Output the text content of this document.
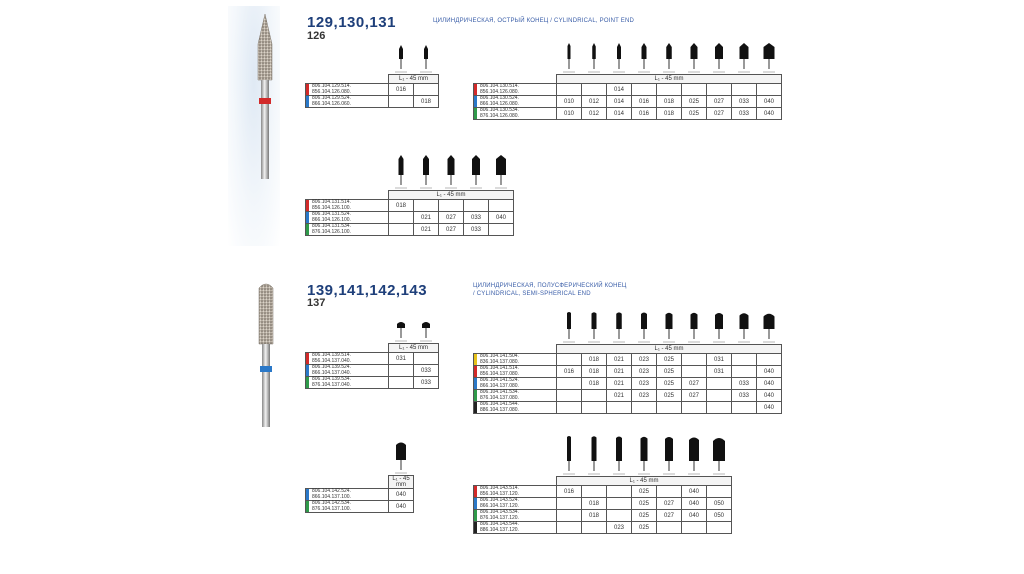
129,130,131
126
ЦИЛИНДРИЧЕСКАЯ, ОСТРЫЙ КОНЕЦ / CYLINDRICAL, POINT END
139,141,142,143
137
ЦИЛИНДРИЧЕСКАЯ, ПОЛУСФЕРИЧЕСКИЙ КОНЕЦ
/ CYLINDRICAL, SEMI-SPHERICAL END
	L₁ - 45 mm	
806.104.129.514.
856.104.126.080.	016	
806.104.129.524.
866.104.126.060.		018
	L₁ - 45 mm								
806.104.130.514.
856.104.126.080.			014						
806.104.130.524.
866.104.126.080.	010	012	014	016	018	025	027	033	040
806.104.130.534.
876.104.126.080.	010	012	014	016	018	025	027	033	040
	L₁ - 45 mm				
806.104.131.514.
856.104.126.100.	018				
806.104.131.524.
866.104.126.100.		021	027	033	040
806.104.131.534.
876.104.126.100.		021	027	033	
	L₁ - 45 mm	
806.104.139.514.
856.104.137.040.	031	
806.104.139.524.
866.104.137.040.		033
806.104.139.534.
876.104.137.040.		033
	L₁ - 45 mm								
806.104.141.504.
836.104.137.080.		018	021	023	025		031		
806.104.141.514.
856.104.137.080.	016	018	021	023	025		031		040
806.104.141.524.
866.104.137.080.		018	021	023	025	027		033	040
806.104.141.534.
876.104.137.080.			021	023	025	027		033	040
806.104.141.544.
886.104.137.080.									040
	L₁ - 45 mm
806.104.142.524.
866.104.137.100.	040
806.104.142.534.
876.104.137.100.	040
	L₁ - 45 mm						
806.104.143.514.
856.104.137.120.	016			025		040	
806.104.143.524.
866.104.137.120.		018		025	027	040	050
806.104.143.534.
876.104.137.120.		018		025	027	040	050
806.104.143.544.
886.104.137.120.			023	025			
